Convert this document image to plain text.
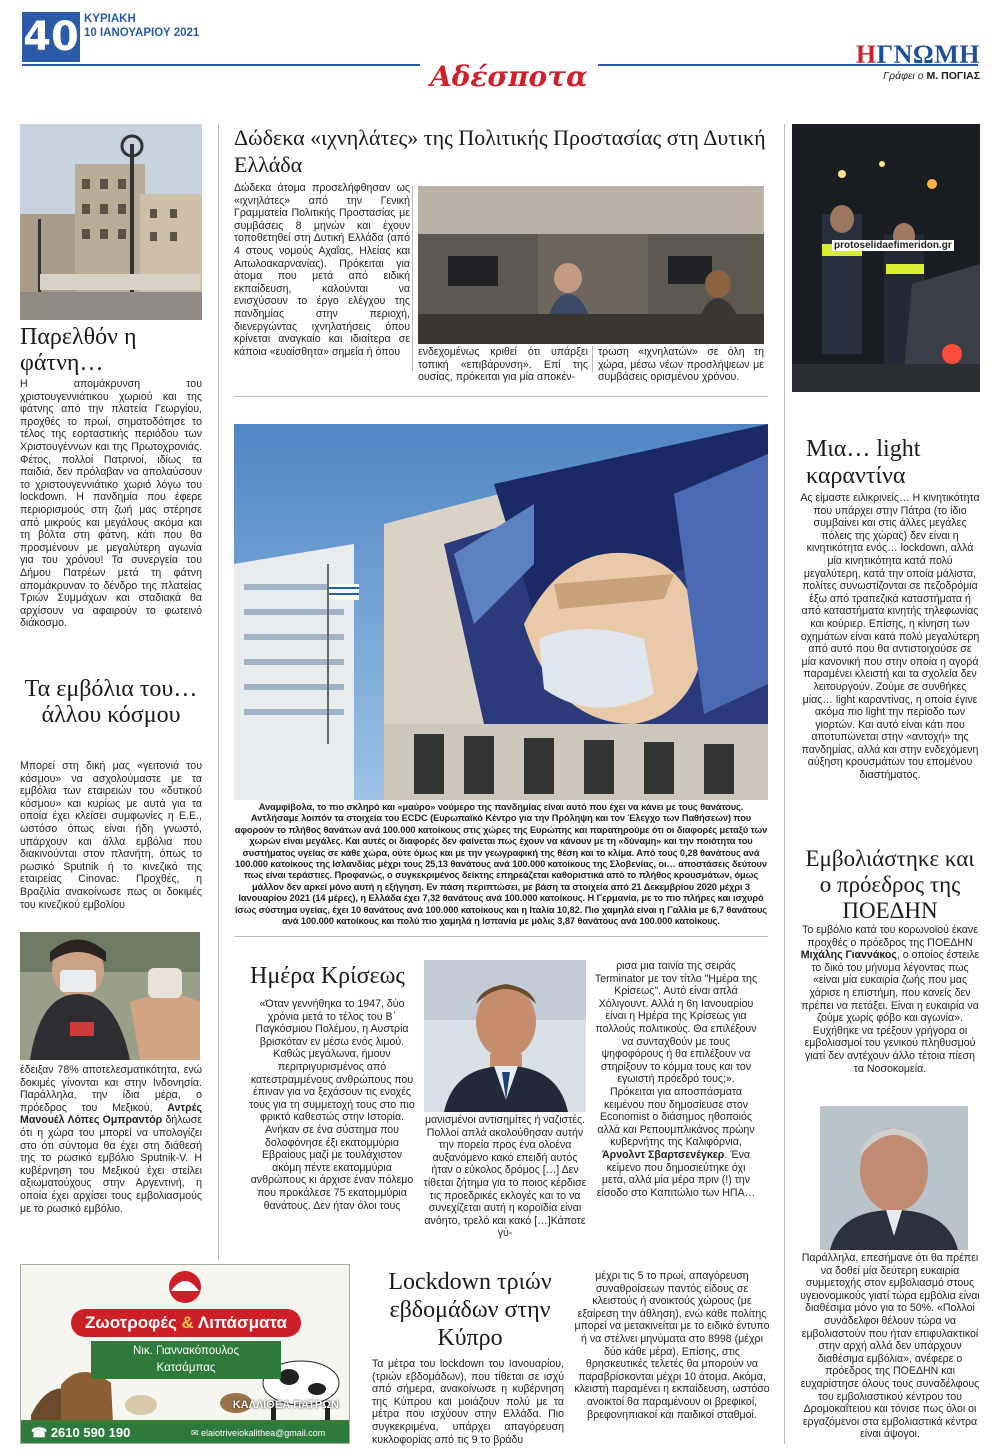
40 ΚΥΡΙΑΚΗ
10 ΙΑΝΟΥΑΡΙΟΥ 2021
Αδέσποτα
ΗΓΝΩΜΗ
Γράφει ο Μ. ΠΟΓΙΑΣ
Παρελθόν η φάτνη…
Η απομάκρυνση του χριστουγεννιάτικου χωριού και της φάτνης από την πλατεία Γεωργίου, προχθές το πρωί, σηματοδότησε το τέλος της εορταστικής περιόδου των Χριστουγέννων και της Πρωτοχρονιάς. Φέτος, πολλοί Πατρινοί, ιδίως τα παιδιά, δεν πρόλαβαν να απολαύσουν το χριστουγεννιάτικο χωριό λόγω του lockdown. Η πανδημία που έφερε περιορισμούς στη ζωή μας στέρησε από μικρούς και μεγάλους ακόμα και τη βόλτα στη φάτνη, κάτι που θα προσμένουν με μεγαλύτερη αγωνία για του χρόνου! Τα συνεργεία του Δήμου Πατρέων μετά τη φάτνη απομάκρυναν το δένδρο της πλατείας Τριών Συμμάχων και σταδιακά θα αρχίσουν να αφαιρούν το φωτεινό διάκοσμο.
Τα εμβόλια του… άλλου κόσμου
Μπορεί στη δική μας «γειτονιά του κόσμου» να ασχολούμαστε με τα εμβόλια των εταιρειών του «δυτικού κόσμου» και κυρίως με αυτά για τα οποία έχει κλείσει συμφωνίες η Ε.Ε., ωστόσο όπως είναι ήδη γνωστό, υπάρχουν και άλλα εμβόλια που διακινούνται στον πλανήτη, όπως το ρωσικό Sputnik ή το κινεζικό της εταιρείας Cinovac. Προχθές, η Βραζιλία ανακοίνωσε πως οι δοκιμές του κινεζικού εμβολίου
έδειξαν 78% αποτελεσματικότητα, ενώ δοκιμές γίνονται και στην Ινδονησία. Παράλληλα, την ίδια μέρα, ο πρόεδρος του Μεξικού, Αντρές Μανουέλ Λόπες Ομπραντόρ δήλωσε ότι η χώρα του μπορεί να υπολογίζει στο ότι σύντομα θα έχει στη διάθεσή της το ρωσικό εμβόλιο Sputnik-V. Η κυβέρνηση του Μεξικού έχει στείλει αξιωματούχους στην Αργεντινή, η οποία έχει αρχίσει τους εμβολιασμούς με το ρωσικό εμβόλιο.
Δώδεκα «ιχνηλάτες» της Πολιτικής Προστασίας στη Δυτική Ελλάδα
Δώδεκα άτομα προσελήφθησαν ως «ιχνηλάτες» από την Γενική Γραμματεία Πολιτικής Προστασίας με συμβάσεις 8 μηνών και έχουν τοποθετηθεί στη Δυτική Ελλάδα (από 4 στους νομούς Αχαΐας, Ηλείας και Αιτωλοακαρνανίας). Πρόκειται για άτομα που μετά από ειδική εκπαίδευση, καλούνται να ενισχύσουν το έργο ελέγχου της πανδημίας στην περιοχή, διενεργώντας ιχνηλατήσεις όπου κρίνεται αναγκαίο και ιδιαίτερα σε κάποια «ευαίσθητα» σημεία ή όπου	ενδεχομένως κριθεί ότι υπάρξει τοπική «επιβάρυνση». Επί της ουσίας, πρόκειται για μία αποκέν-
τρωση «ιχνηλατών» σε όλη τη χώρα, μέσω νέων προσλήψεων με συμβάσεις ορισμένου χρόνου.
Αναμφίβολα, το πιο σκληρό και «μαύρο» νούμερο της πανδημίας είναι αυτό που έχει να κάνει με τους θανάτους. Αντλήσαμε λοιπόν τα στοιχεία του ECDC (Ευρωπαϊκό Κέντρο για την Πρόληψη και τον Έλεγχο των Παθήσεων) που αφορούν το πλήθος θανάτων ανά 100.000 κατοίκους στις χώρες της Ευρώπης και παρατηρούμε ότι οι διαφορές μεταξύ των χωρών είναι μεγάλες. Και αυτές οι διαφορές δεν φαίνεται πως έχουν να κάνουν με τη «δύναμη» και την ποιότητα του συστήματος υγείας σε κάθε χώρα, ούτε όμως και με την γεωγραφική της θέση και το κλίμα. Από τους 0,28 θανάτους ανά 100.000 κατοίκους της Ισλανδίας μέχρι τους 25,13 θανάτους ανά 100.000 κατοίκους της Σλοβενίας, οι… αποστάσεις δεύτουν πως είναι τεράστιες. Προφανώς, ο συγκεκριμένος δείκτης επηρεάζεται καθοριστικά από το πλήθος κρουσμάτων, όμως μάλλον δεν αρκεί μόνο αυτή η εξήγηση. Εν πάση περιπτώσει, με βάση τα στοιχεία από 21 Δεκεμβρίου 2020 μέχρι 3 Ιανουαρίου 2021 (14 μέρες), η Ελλάδα έχει 7,32 θανάτους ανά 100.000 κατοίκους. Η Γερμανία, με το πιο πλήρες και ισχυρό ίσως σύστημα υγείας, έχει 10 θανάτους ανά 100.000 κατοίκους και η Ιταλία 10,82. Πιο χαμηλά είναι η Γαλλία με 6,7 θανάτους ανά 100.000 κατοίκους και πολύ πιο χαμηλά η Ισπανία με μόλις 3,87 θανάτους ανά 100.000 κατοίκους.
Ημέρα Κρίσεως
«Όταν γεννήθηκα το 1947, δύο χρόνια μετά το τέλος του Β΄ Παγκόσμιου Πολέμου, η Αυστρία βρισκόταν εν μέσω ενός λιμού. Καθώς μεγάλωνα, ήμουν περιτριγυρισμένος από κατεστραμμένους ανθρώπους που έπιναν για να ξεχάσουν τις ενοχές τους για τη συμμετοχή τους στο πιο φρικτό καθεστώς στην Ιστορία. Ανήκαν σε ένα σύστημα που δολοφόνησε έξι εκατομμύρια Εβραίους μαζί με τουλάχιστον ακόμη πέντε εκατομμύρια ανθρώπους κι άρχισε έναν πόλεμο που προκάλεσε 75 εκατομμύρια θανάτους. Δεν ήταν όλοι τους
μανισμένοι αντισημίτες ή ναζιστές. Πολλοί απλά ακολούθησαν αυτήν την πορεία προς ένα ολοένα αυξανόμενο κακό επειδή αυτός ήταν ο εύκολος δρόμος […] Δεν τίθεται ζήτημα για το ποιος κέρδισε τις προεδρικές εκλογές και το να συνεχίζεται αυτή η κοροϊδία είναι ανόητο, τρελό και κακό […]Κάποτε γύ-
ρισα μια ταινία της σειράς Terminator με τον τίτλο "Ημέρα της Κρίσεως". Αυτό είναι απλά Χόλιγουντ. Αλλά η 6η Ιανουαρίου είναι η Ημέρα της Κρίσεως για πολλούς πολιτικούς. Θα επιλέξουν να συνταχθούν με τους ψηφοφόρους ή θα επιλέξουν να στηρίξουν το κόμμα τους και τον εγωιστή πρόεδρό τους;». Πρόκειται για αποσπάσματα κειμένου που δημοσίευσε στον Economist ο διάσημος ηθοποιός αλλά και Ρεπουμπλικάνος πρώην κυβερνήτης της Καλιφόρνια, Άρνολντ Σβαρτσενέγκερ. Ένα κείμενο που δημοσιεύτηκε όχι μετά, αλλά μία μέρα πριν (!) την είσοδο στο Καπιτώλιο των ΗΠΑ…
protoselidaefimeridon.gr
Μια… light καραντίνα
Ας είμαστε ειλικρινείς… Η κινητικότητα που υπάρχει στην Πάτρα (το ίδιο συμβαίνει και στις άλλες μεγάλες πόλεις της χώρας) δεν είναι η κινητικότητα ενός… lockdown, αλλά μία κινητικότητα κατά πολύ μεγαλύτερη, κατά την οποία μάλιστα, πολίτες συνωστίζονται σε πεζοδρόμια έξω από τραπεζικά καταστήματα ή από καταστήματα κινητής τηλεφωνίας και κούριερ. Επίσης, η κίνηση των οχημάτων είναι κατά πολύ μεγαλύτερη από αυτό που θα αντιστοιχούσε σε μία κανονική που στην οποία η αγορά παραμένει κλειστή και τα σχολεία δεν λειτουργούν. Ζούμε σε συνθήκες μίας… light καραντίνας, η οποία έγινε ακόμα πιο light την περίοδο των γιορτών. Και αυτό είναι κάτι που αποτυπώνεται στην «αντοχή» της πανδημίας, αλλά και στην ενδεχόμενη αύξηση κρουσμάτων του επομένου διαστήματος.
Εμβολιάστηκε και ο πρόεδρος της ΠΟΕΔΗΝ
Το εμβόλιο κατά του κορωνοϊού έκανε προχθές ο πρόεδρος της ΠΟΕΔΗΝ Μιχάλης Γιαννάκος, ο οποίος έστειλε το δικό του μήνυμα λέγοντας πως «είναι μία ευκαιρία ζωής που μας χάρισε η επιστήμη, που κανείς δεν πρέπει να πετάξει. Είναι η ευκαιρία να ζούμε χωρίς φόβο και αγωνία». Ευχήθηκε να τρέξουν γρήγορα οι εμβολιασμοί του γενικού πληθυσμού γιατί δεν αντέχουν άλλο τέτοια πίεση τα Νοσοκομεία.
Παράλληλα, επεσήμανε ότι θα πρέπει να δοθεί μία δεύτερη ευκαιρία συμμετοχής στον εμβολιασμό στους υγειονομικούς γιατί τώρα εμβόλια είναι διαθέσιμα μόνο για το 50%. «Πολλοί συνάδελφοι θέλουν τώρα να εμβολιαστούν που ήταν επιφυλακτικοί στην αρχή αλλά δεν υπάρχουν διαθέσιμα εμβόλια», ανέφερε ο πρόεδρος της ΠΟΕΔΗΝ και ευχαρίστησε όλους τους συναδέλφους του εμβολιαστικού κέντρου του Δρομοκαΐτειου και τόνισε πως όλοι οι εργαζόμενοι στα εμβολιαστικά κέντρα είναι άψογοι.
Ζωοτροφές & Λιπάσματα
Νικ. Γιαννακόπουλος
Κατσάμπας
ΚΑΛΛΙΘΕΑ ΠΑΤΡΩΝ
☎ 2610 590 190	✉ elaiotriveiokalithea@gmail.com
Lockdown τριών εβδομάδων στην Κύπρο
Τα μέτρα του lockdown του Ιανουαρίου, (τριών εβδομάδων), που τίθεται σε ισχύ από σήμερα, ανακοίνωσε η κυβέρνηση της Κύπρου και μοιάζουν πολύ με τα μέτρα που ισχύουν στην Ελλάδα. Πιο συγκεκριμένα, υπάρχει απαγόρευση κυκλοφορίας από τις 9 το βράδυ
μέχρι τις 5 το πρωί, απαγόρευση συναθροίσεων παντός είδους σε κλειστούς ή ανοικτούς χώρους (με εξαίρεση την άθληση), ενώ κάθε πολίτης μπορεί να μετακινείται με το ειδικό έντυπο ή να στέλνει μηνύματα στο 8998 (μέχρι δύο κάθε μέρα). Επίσης, στις θρησκευτικές τελετές θα μπορούν να παραβρίσκονται μέχρι 10 άτομα. Ακόμα, κλειστή παραμένει η εκπαίδευση, ωστόσο ανοικτοί θα παραμένουν οι βρεφικοί, βρεφονηπιακοί και παιδικοί σταθμοί.
